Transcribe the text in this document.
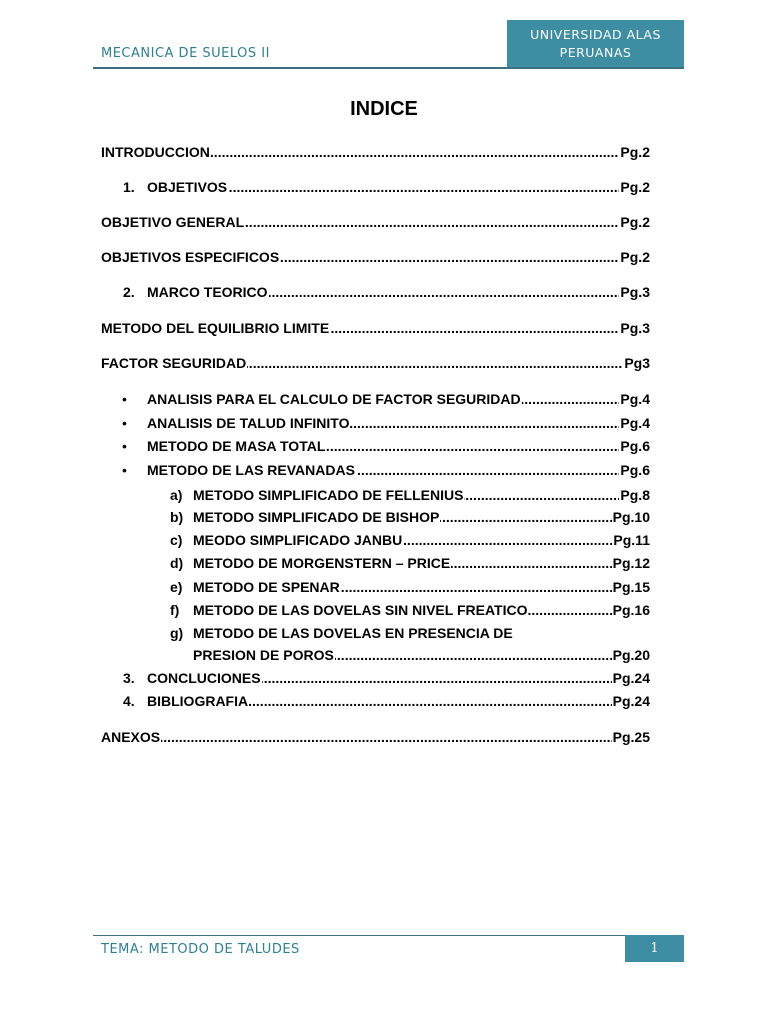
MECANICA DE SUELOS II
UNIVERSIDAD ALAS PERUANAS
INDICE
.....
INTRODUCCION	Pg.2
1. ..... OBJETIVOS	Pg.2
.....
OBJETIVO GENERAL	Pg.2
.....
OBJETIVOS ESPECIFICOS	Pg.2
2. ..... MARCO TEORICO	Pg.3
.....
METODO DEL EQUILIBRIO LIMITE	Pg.3
.....
FACTOR SEGURIDAD	Pg3
• ..... ANALISIS PARA EL CALCULO DE FACTOR SEGURIDAD	Pg.4
• ..... ANALISIS DE TALUD INFINITO	Pg.4
• ..... METODO DE MASA TOTAL	Pg.6
• ..... METODO DE LAS REVANADAS	Pg.6
a) ..... METODO SIMPLIFICADO DE FELLENIUS	Pg.8
b) ..... METODO SIMPLIFICADO DE BISHOP	Pg.10
c) ..... MEODO SIMPLIFICADO JANBU	Pg.11
d) ..... METODO DE MORGENSTERN – PRICE	Pg.12
e) ..... METODO DE SPENAR	Pg.15
f) ..... METODO DE LAS DOVELAS SIN NIVEL FREATICO	Pg.16
g) METODO DE LAS DOVELAS EN PRESENCIA DE
.....
PRESION DE POROS	Pg.20
3. ..... CONCLUCIONES	Pg.24
4. ..... BIBLIOGRAFIA	Pg.24
.....
ANEXOS	Pg.25
TEMA: METODO DE TALUDES	1
